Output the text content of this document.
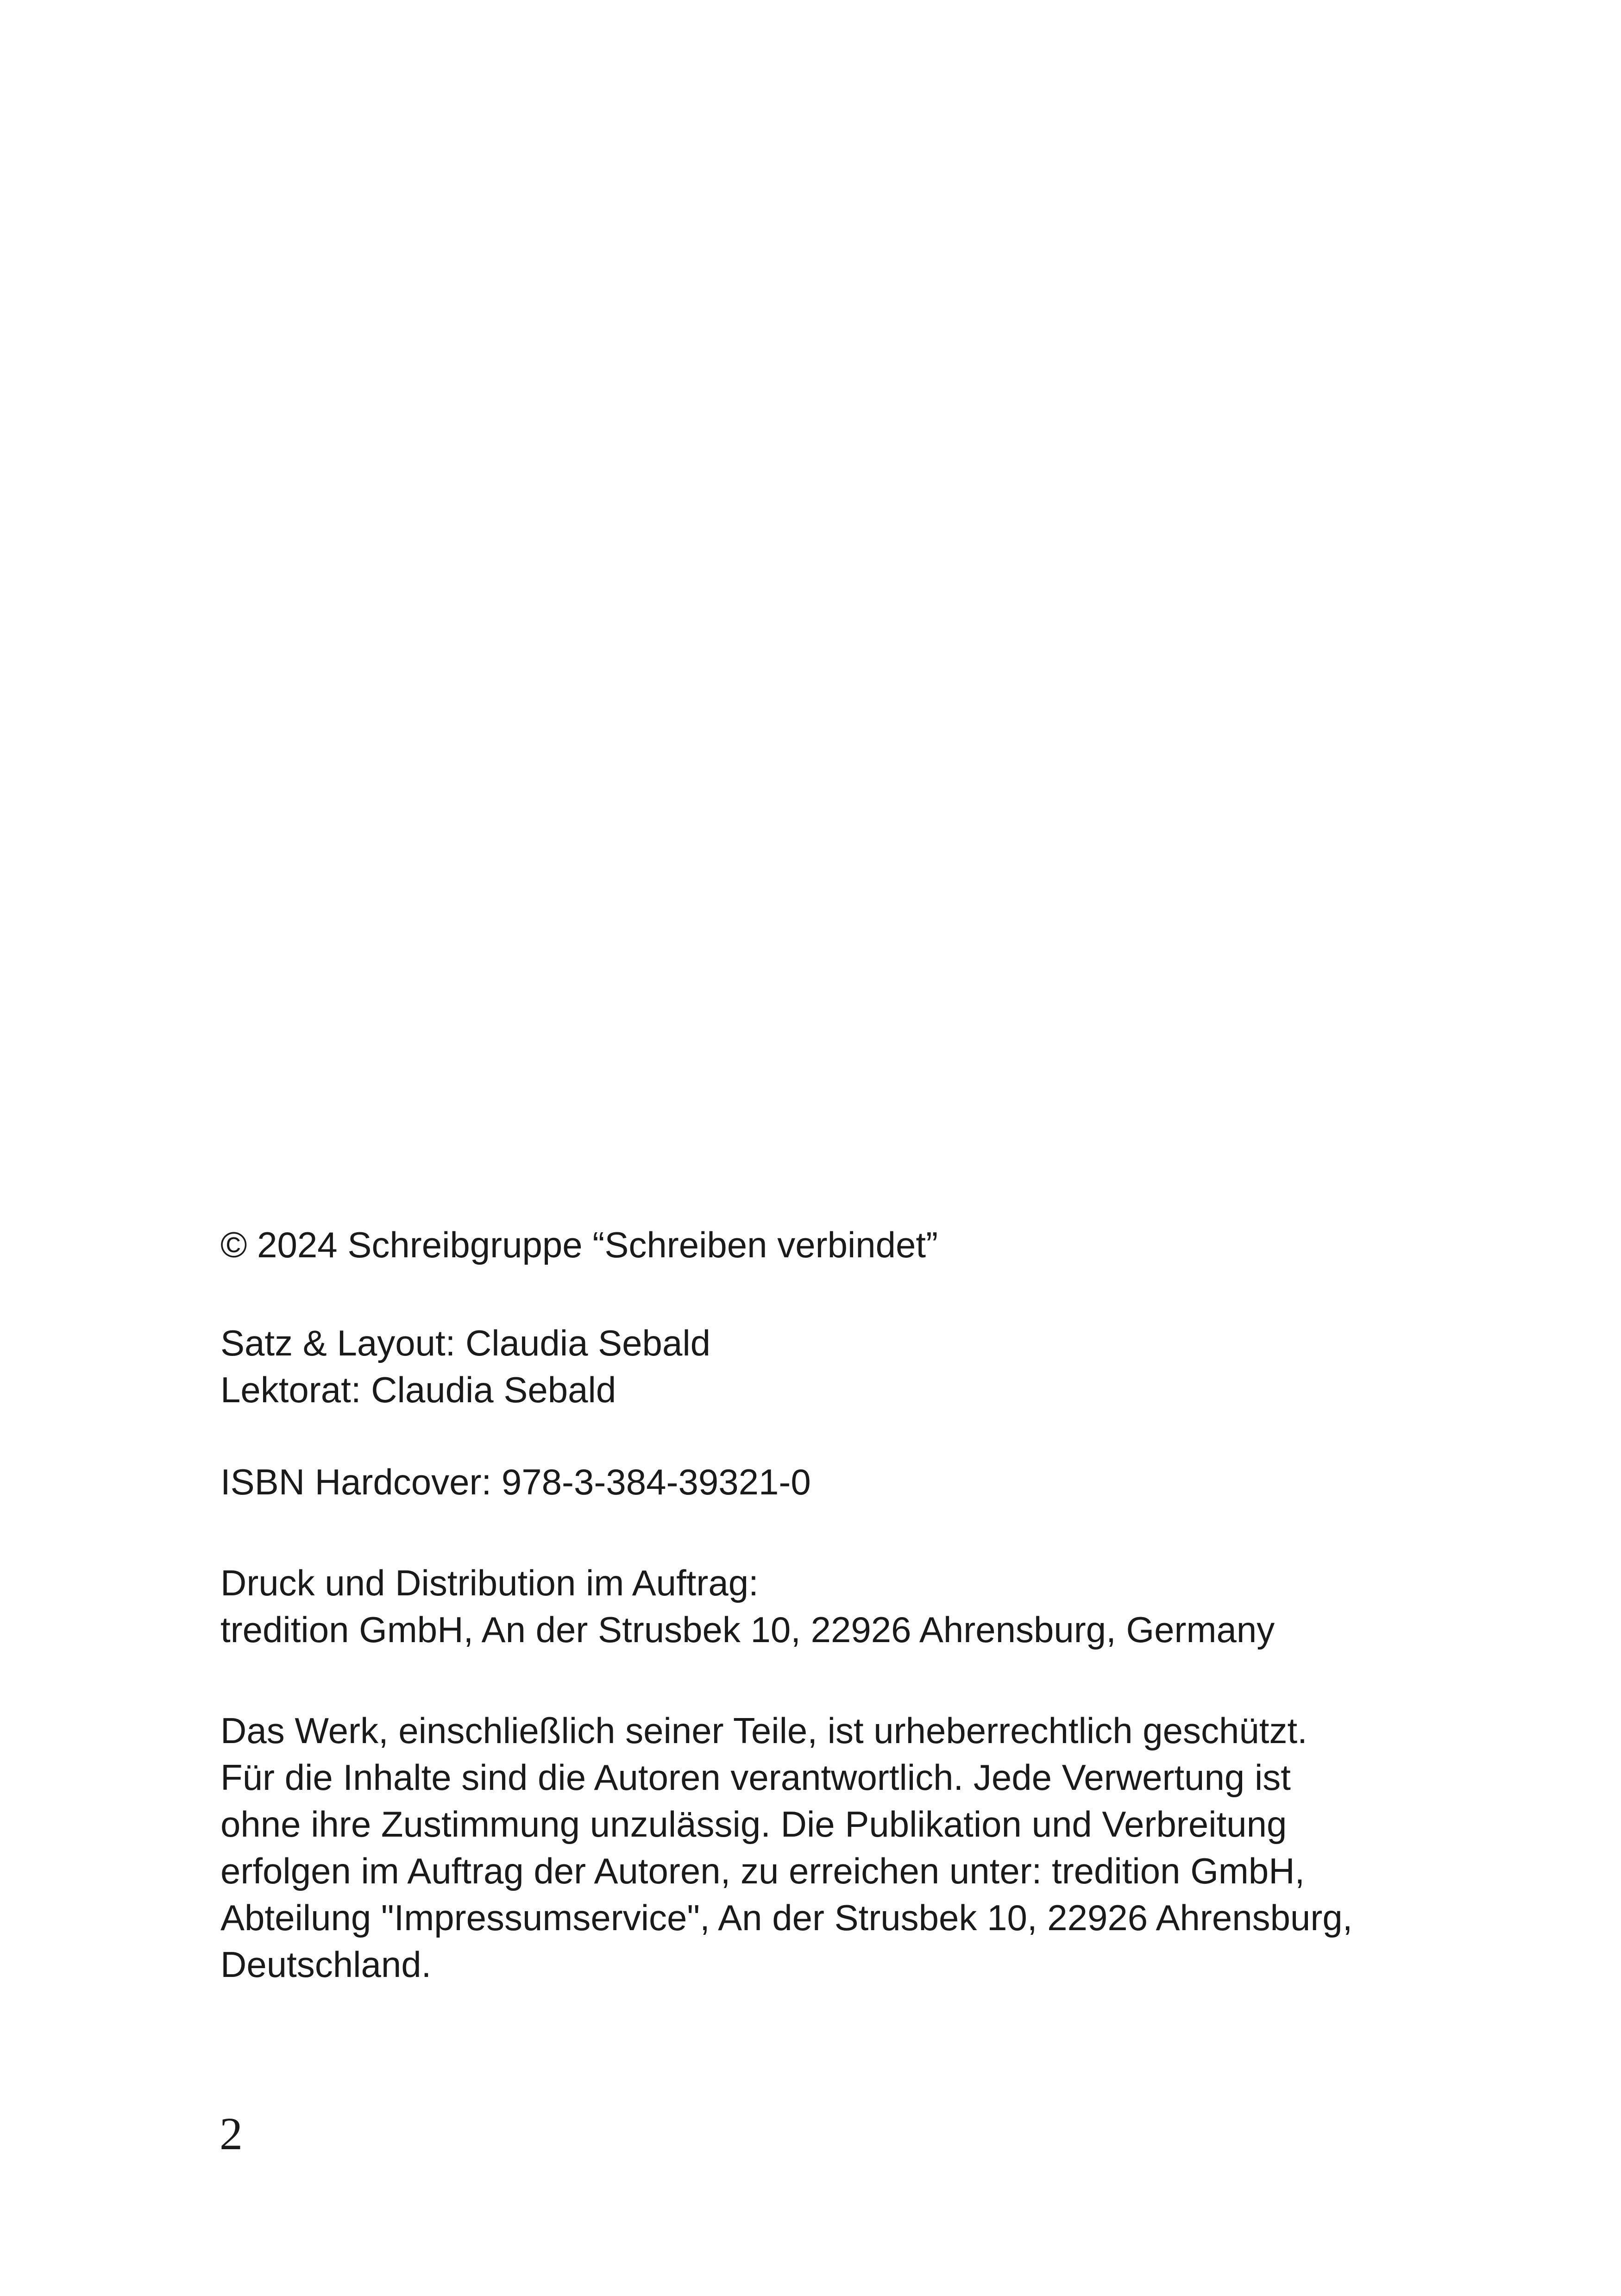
© 2024 Schreibgruppe “Schreiben verbindet”

Satz & Layout: Claudia Sebald
Lektorat: Claudia Sebald

ISBN Hardcover: 978-3-384-39321-0

Druck und Distribution im Auftrag:
tredition GmbH, An der Strusbek 10, 22926 Ahrensburg, Germany

Das Werk, einschließlich seiner Teile, ist urheberrechtlich geschützt.
Für die Inhalte sind die Autoren verantwortlich. Jede Verwertung ist
ohne ihre Zustimmung unzulässig. Die Publikation und Verbreitung
erfolgen im Auftrag der Autoren, zu erreichen unter: tredition GmbH,
Abteilung "Impressumservice", An der Strusbek 10, 22926 Ahrensburg,
Deutschland.

2
